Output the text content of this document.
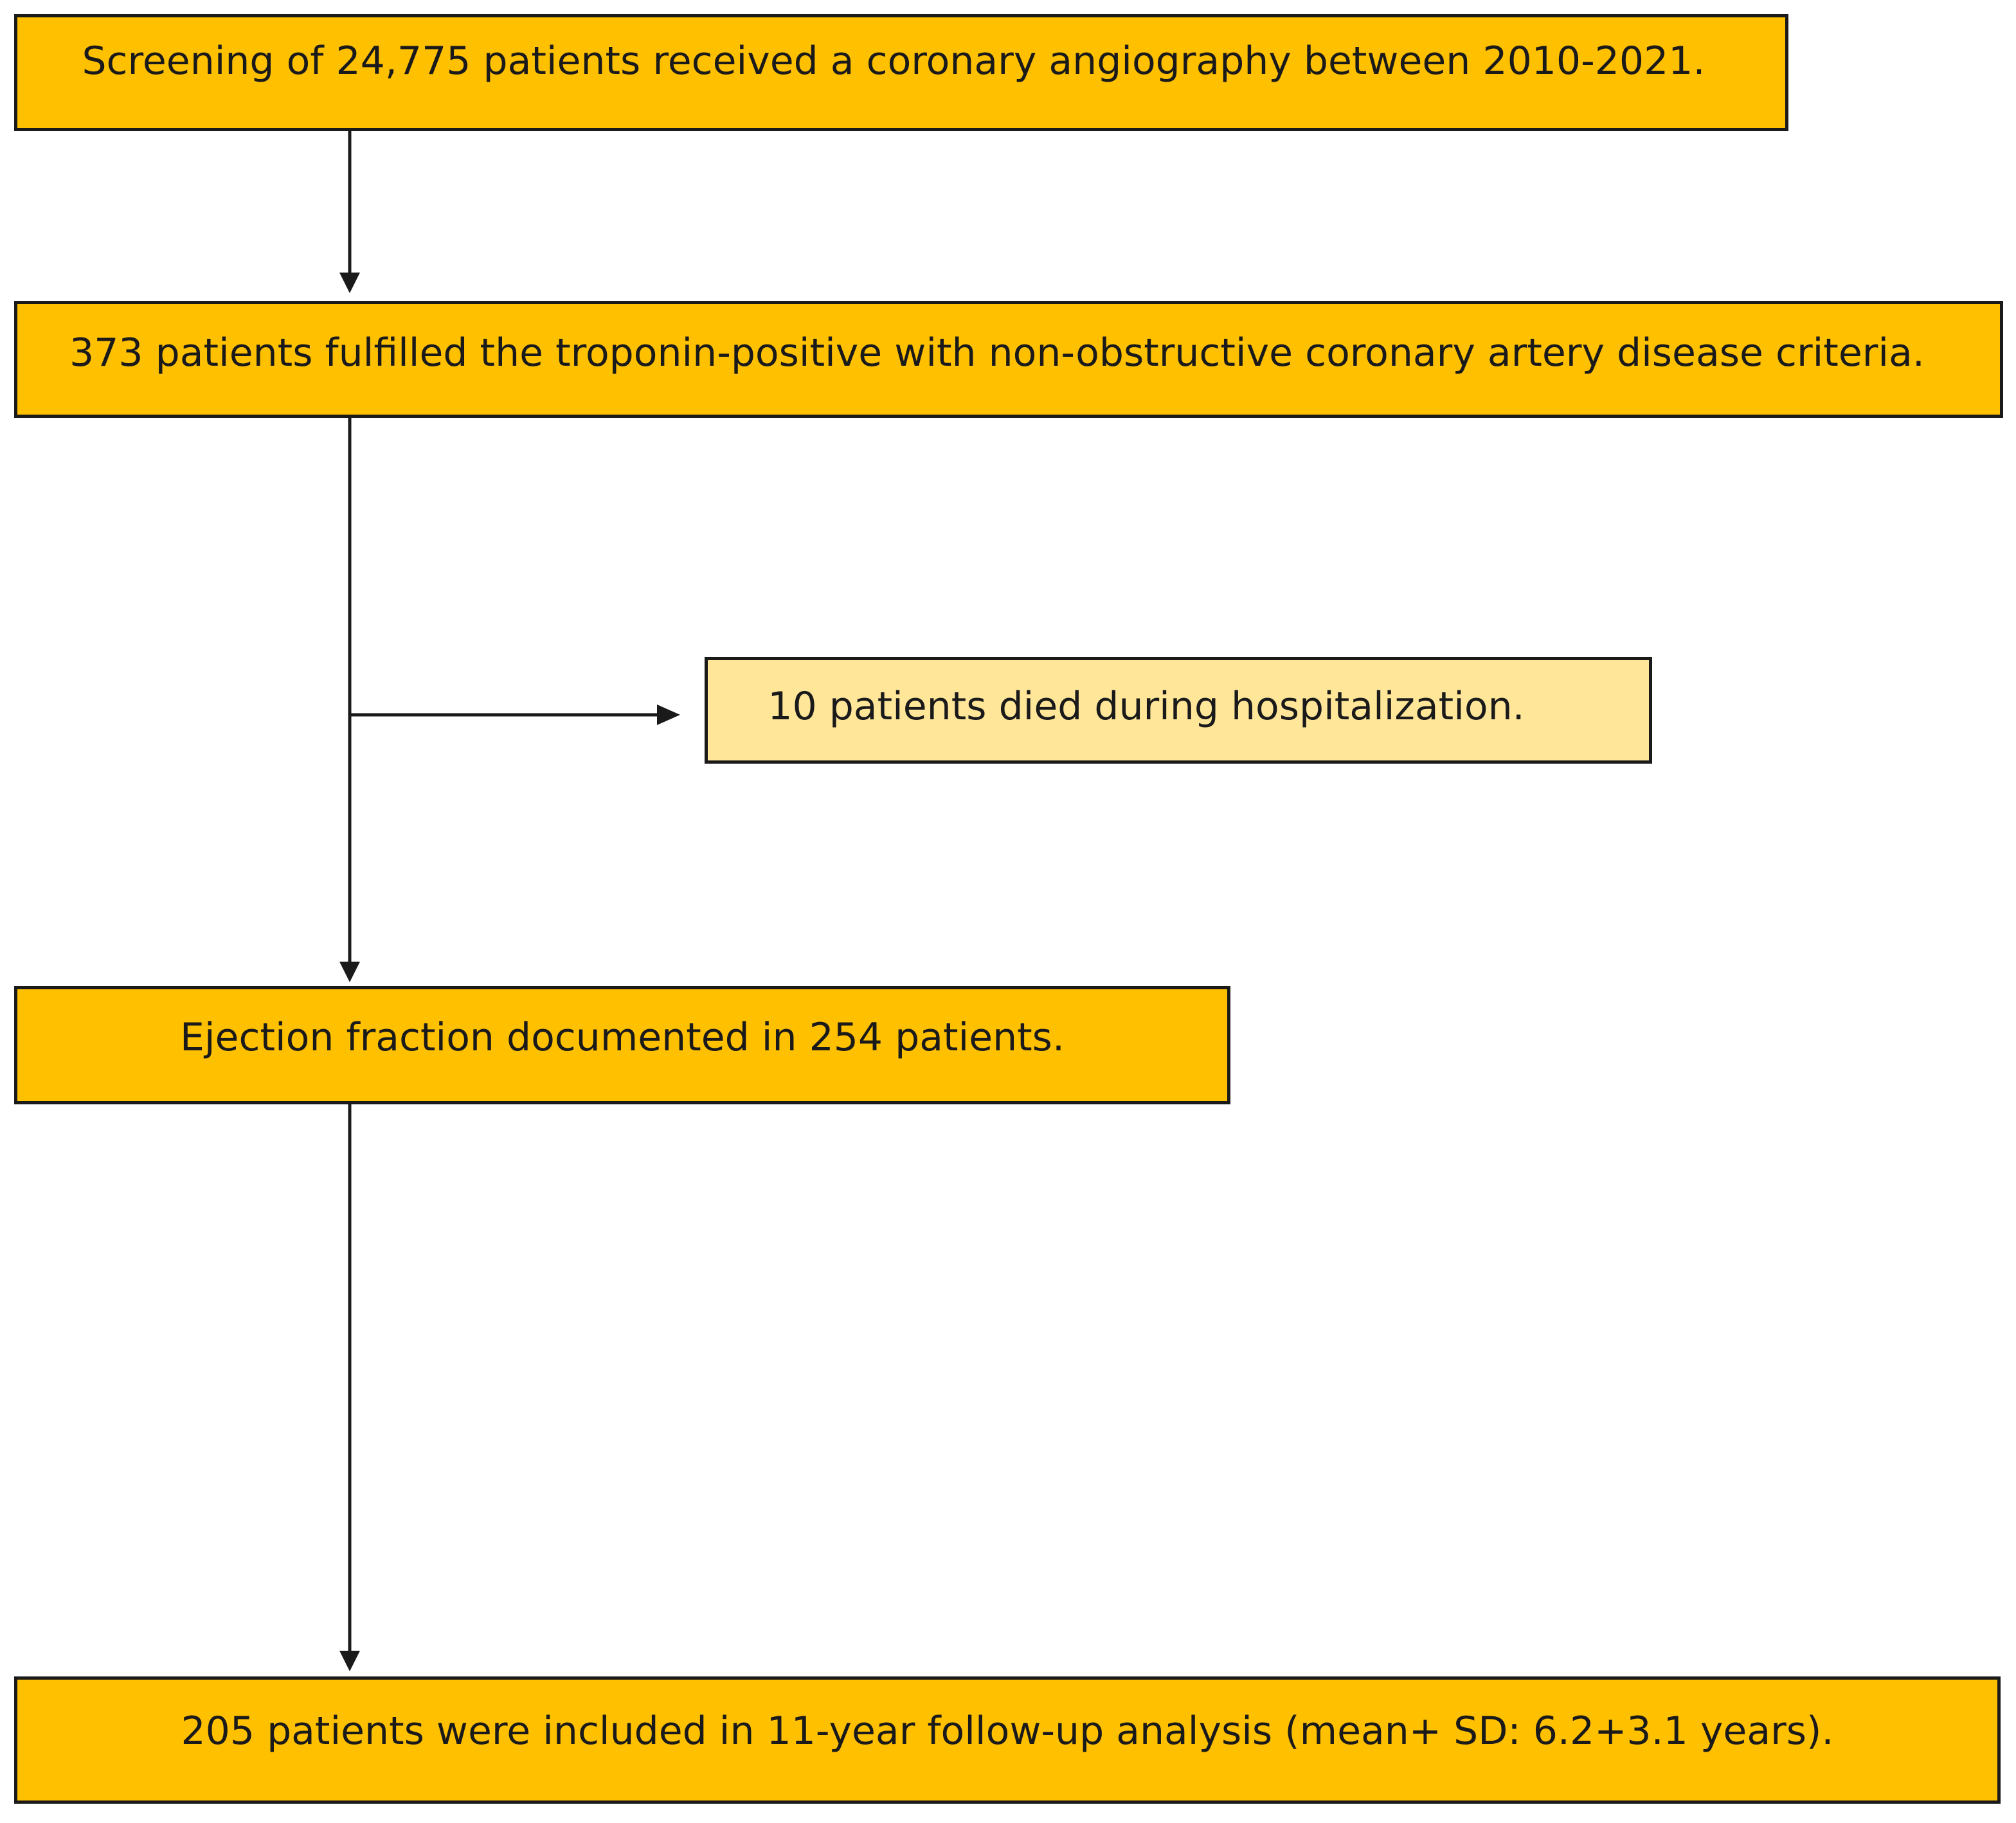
Screening of 24,775 patients received a coronary angiography between 2010-2021.
373 patients fulfilled the troponin-positive with non-obstructive coronary artery disease criteria.
10 patients died during hospitalization.
Ejection fraction documented in 254 patients.
205 patients were included in 11-year follow-up analysis (mean+ SD: 6.2+3.1 years).
